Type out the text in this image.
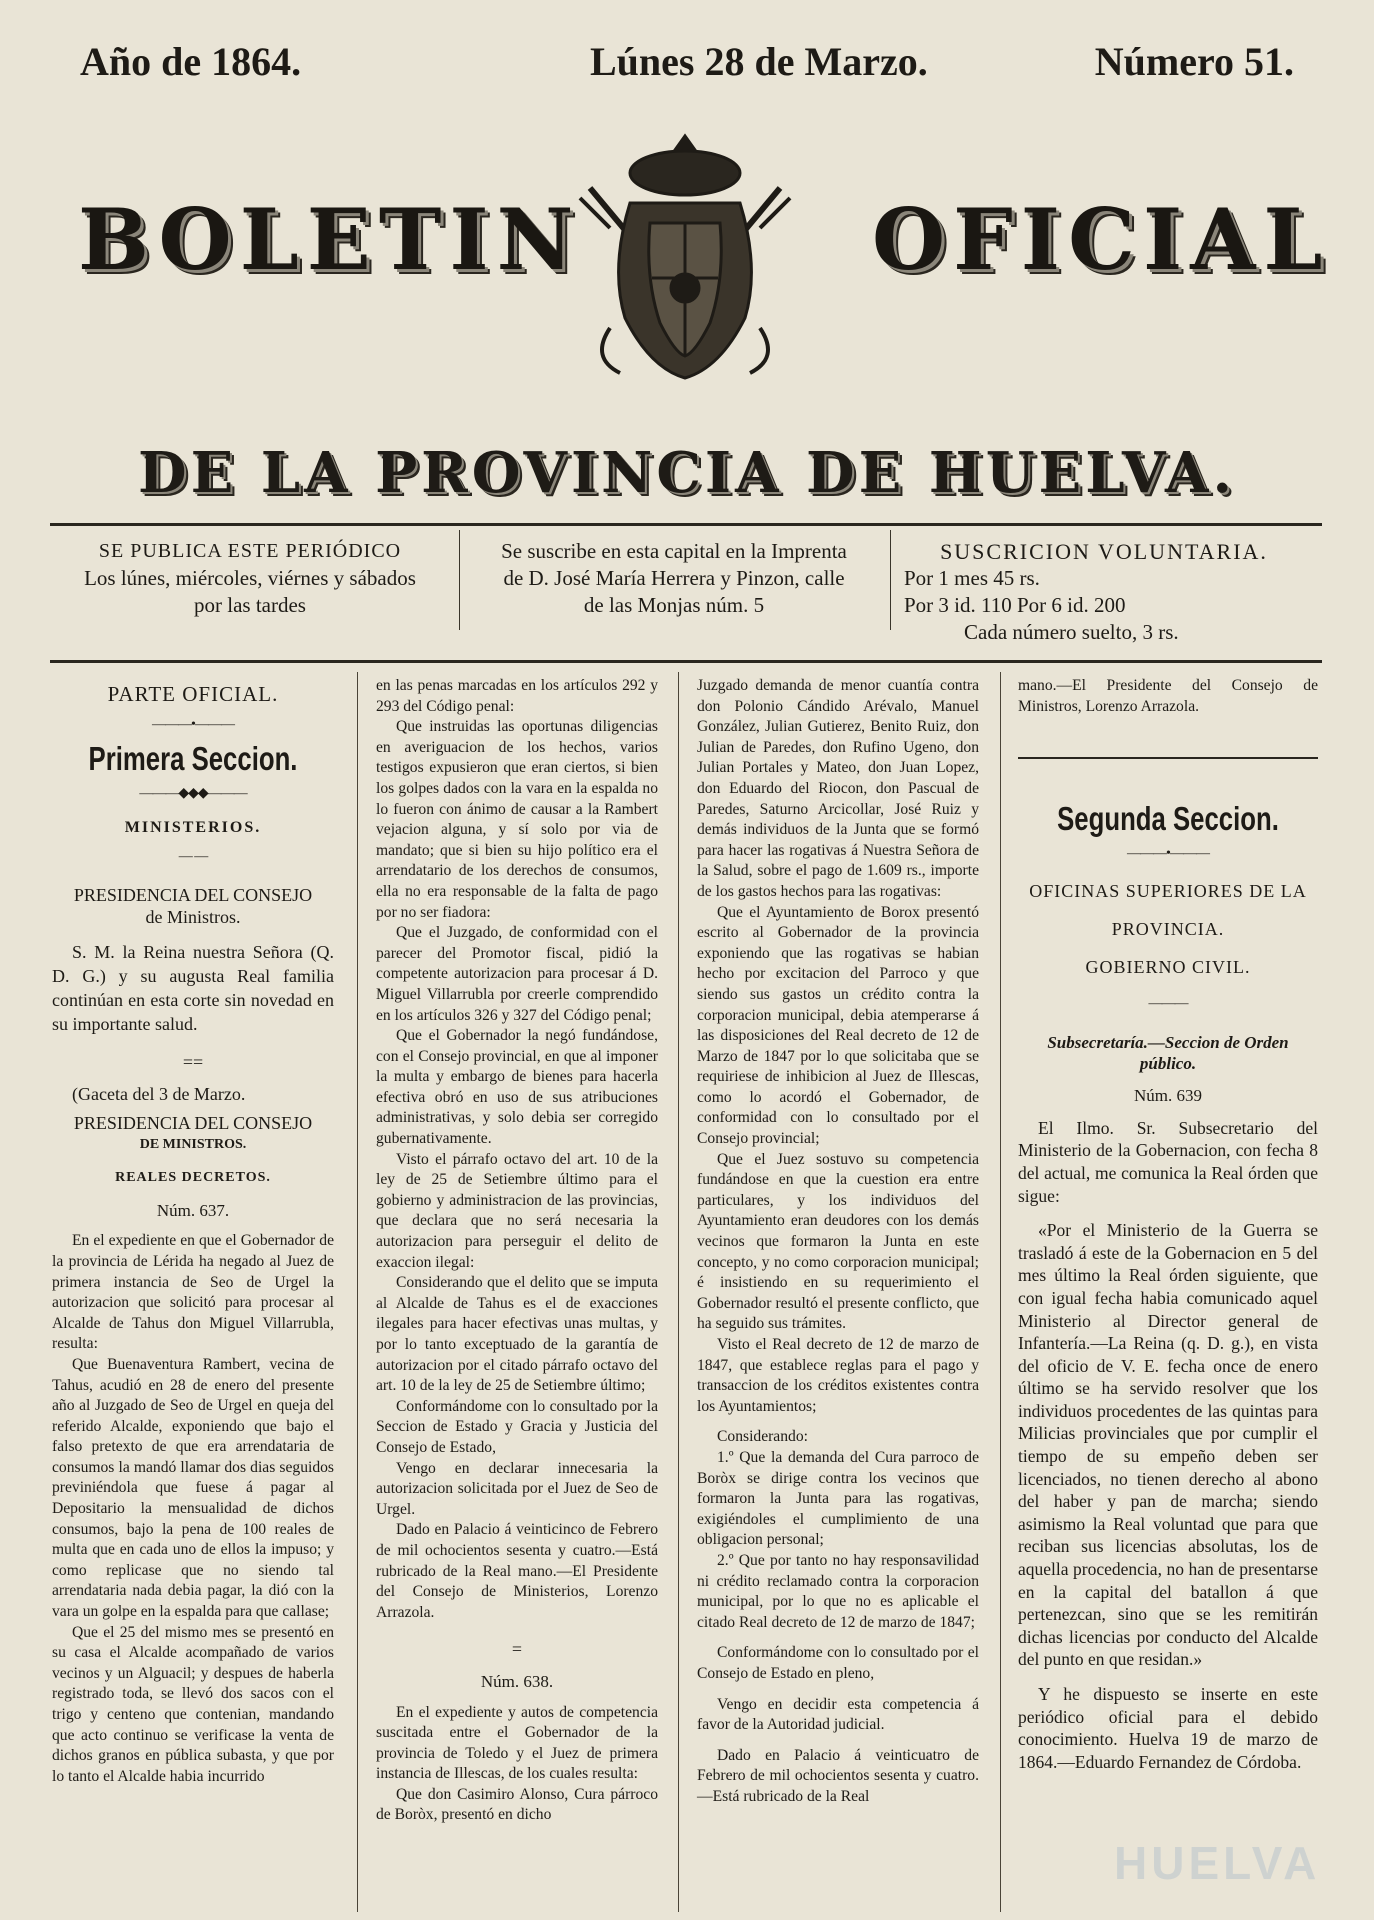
Año de 1864.	Lúnes 28 de Marzo.	Número 51.
BOLETIN	OFICIAL
DE LA PROVINCIA DE HUELVA.
SE PUBLICA ESTE PERIÓDICO
Los lúnes, miércoles, viérnes y sábados
por las tardes
Se suscribe en esta capital en la Imprenta
de D. José María Herrera y Pinzon, calle
de las Monjas núm. 5
SUSCRICION VOLUNTARIA.
Por 1 mes 45 rs.
Por 3 id. 110 Por 6 id. 200
Cada número suelto, 3 rs.
PARTE OFICIAL.
———•———
Primera Seccion.
———◆◆◆———
MINISTERIOS.
— —
PRESIDENCIA DEL CONSEJO
de Ministros.

S. M. la Reina nuestra Señora (Q. D. G.) y su augusta Real familia continúan en esta corte sin novedad en su importante salud.

==

(Gaceta del 3 de Marzo.

PRESIDENCIA DEL CONSEJO
DE MINISTROS.
REALES DECRETOS.
Núm. 637.

En el expediente en que el Gobernador de la provincia de Lérida ha negado al Juez de primera instancia de Seo de Urgel la autorizacion que solicitó para procesar al Alcalde de Tahus don Miguel Villarrubla, resulta:

Que Buenaventura Rambert, vecina de Tahus, acudió en 28 de enero del presente año al Juzgado de Seo de Urgel en queja del referido Alcalde, exponiendo que bajo el falso pretexto de que era arrendataria de consumos la mandó llamar dos dias seguidos previniéndola que fuese á pagar al Depositario la mensualidad de dichos consumos, bajo la pena de 100 reales de multa que en cada uno de ellos la impuso; y como replicase que no siendo tal arrendataria nada debia pagar, la dió con la vara un golpe en la espalda para que callase;

Que el 25 del mismo mes se presentó en su casa el Alcalde acompañado de varios vecinos y un Alguacil; y despues de haberla registrado toda, se llevó dos sacos con el trigo y centeno que contenian, mandando que acto continuo se verificase la venta de dichos granos en pública subasta, y que por lo tanto el Alcalde habia incurrido

en las penas marcadas en los artículos 292 y 293 del Código penal:

Que instruidas las oportunas diligencias en averiguacion de los hechos, varios testigos expusieron que eran ciertos, si bien los golpes dados con la vara en la espalda no lo fueron con ánimo de causar a la Rambert vejacion alguna, y sí solo por via de mandato; que si bien su hijo político era el arrendatario de los derechos de consumos, ella no era responsable de la falta de pago por no ser fiadora:

Que el Juzgado, de conformidad con el parecer del Promotor fiscal, pidió la competente autorizacion para procesar á D. Miguel Villarrubla por creerle comprendido en los artículos 326 y 327 del Código penal;

Que el Gobernador la negó fundándose, con el Consejo provincial, en que al imponer la multa y embargo de bienes para hacerla efectiva obró en uso de sus atribuciones administrativas, y solo debia ser corregido gubernativamente.

Visto el párrafo octavo del art. 10 de la ley de 25 de Setiembre último para el gobierno y administracion de las provincias, que declara que no será necesaria la autorizacion para perseguir el delito de exaccion ilegal:

Considerando que el delito que se imputa al Alcalde de Tahus es el de exacciones ilegales para hacer efectivas unas multas, y por lo tanto exceptuado de la garantía de autorizacion por el citado párrafo octavo del art. 10 de la ley de 25 de Setiembre último;

Conformándome con lo consultado por la Seccion de Estado y Gracia y Justicia del Consejo de Estado,

Vengo en declarar innecesaria la autorizacion solicitada por el Juez de Seo de Urgel.

Dado en Palacio á veinticinco de Febrero de mil ochocientos sesenta y cuatro.—Está rubricado de la Real mano.—El Presidente del Consejo de Ministerios, Lorenzo Arrazola.

=
Núm. 638.

En el expediente y autos de competencia suscitada entre el Gobernador de la provincia de Toledo y el Juez de primera instancia de Illescas, de los cuales resulta:

Que don Casimiro Alonso, Cura párroco de Boròx, presentó en dicho

Juzgado demanda de menor cuantía contra don Polonio Cándido Arévalo, Manuel González, Julian Gutierez, Benito Ruiz, don Julian de Paredes, don Rufino Ugeno, don Julian Portales y Mateo, don Juan Lopez, don Eduardo del Riocon, don Pascual de Paredes, Saturno Arcicollar, José Ruiz y demás individuos de la Junta que se formó para hacer las rogativas á Nuestra Señora de la Salud, sobre el pago de 1.609 rs., importe de los gastos hechos para las rogativas:

Que el Ayuntamiento de Borox presentó escrito al Gobernador de la provincia exponiendo que las rogativas se habian hecho por excitacion del Parroco y que siendo sus gastos un crédito contra la corporacion municipal, debia atemperarse á las disposiciones del Real decreto de 12 de Marzo de 1847 por lo que solicitaba que se requiriese de inhibicion al Juez de Illescas, como lo acordó el Gobernador, de conformidad con lo consultado por el Consejo provincial;

Que el Juez sostuvo su competencia fundándose en que la cuestion era entre particulares, y los individuos del Ayuntamiento eran deudores con los demás vecinos que formaron la Junta en este concepto, y no como corporacion municipal; é insistiendo en su requerimiento el Gobernador resultó el presente conflicto, que ha seguido sus trámites.

Visto el Real decreto de 12 de marzo de 1847, que establece reglas para el pago y transaccion de los créditos existentes contra los Ayuntamientos;

Considerando:

1.º Que la demanda del Cura parroco de Boròx se dirige contra los vecinos que formaron la Junta para las rogativas, exigiéndoles el cumplimiento de una obligacion personal;

2.º Que por tanto no hay responsavilidad ni crédito reclamado contra la corporacion municipal, por lo que no es aplicable el citado Real decreto de 12 de marzo de 1847;

Conformándome con lo consultado por el Consejo de Estado en pleno,

Vengo en decidir esta competencia á favor de la Autoridad judicial.

Dado en Palacio á veinticuatro de Febrero de mil ochocientos sesenta y cuatro.—Está rubricado de la Real

mano.—El Presidente del Consejo de Ministros, Lorenzo Arrazola.

Segunda Seccion.
———•———
OFICINAS SUPERIORES DE LA
PROVINCIA.
GOBIERNO CIVIL.
———

Subsecretaría.—Seccion de Orden público.

Núm. 639

El Ilmo. Sr. Subsecretario del Ministerio de la Gobernacion, con fecha 8 del actual, me comunica la Real órden que sigue:

«Por el Ministerio de la Guerra se trasladó á este de la Gobernacion en 5 del mes último la Real órden siguiente, que con igual fecha habia comunicado aquel Ministerio al Director general de Infantería.—La Reina (q. D. g.), en vista del oficio de V. E. fecha once de enero último se ha servido resolver que los individuos procedentes de las quintas para Milicias provinciales que por cumplir el tiempo de su empeño deben ser licenciados, no tienen derecho al abono del haber y pan de marcha; siendo asimismo la Real voluntad que para que reciban sus licencias absolutas, los de aquella procedencia, no han de presentarse en la capital del batallon á que pertenezcan, sino que se les remitirán dichas licencias por conducto del Alcalde del punto en que residan.»

Y he dispuesto se inserte en este periódico oficial para el debido conocimiento. Huelva 19 de marzo de 1864.—Eduardo Fernandez de Córdoba.

HUELVA
